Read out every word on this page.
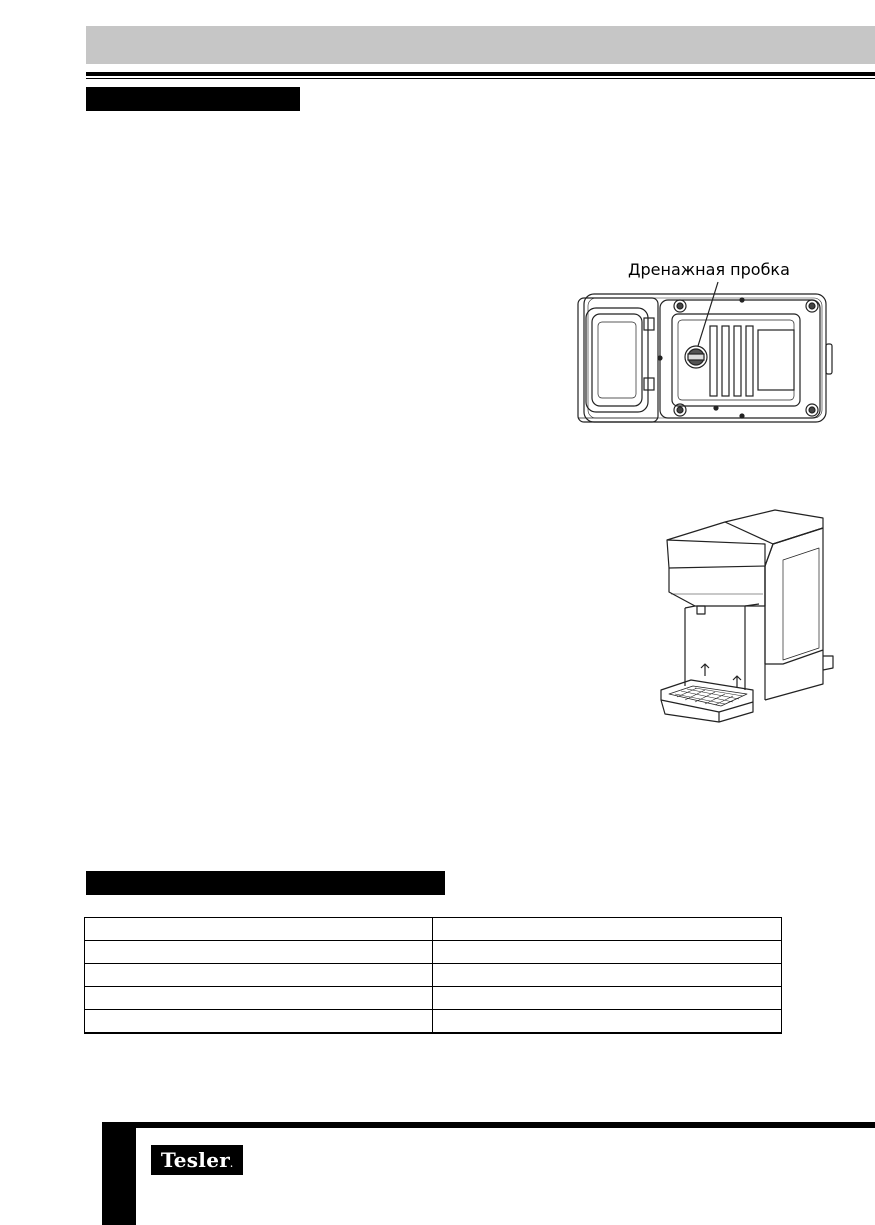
Дренажная пробка

Tesler.
